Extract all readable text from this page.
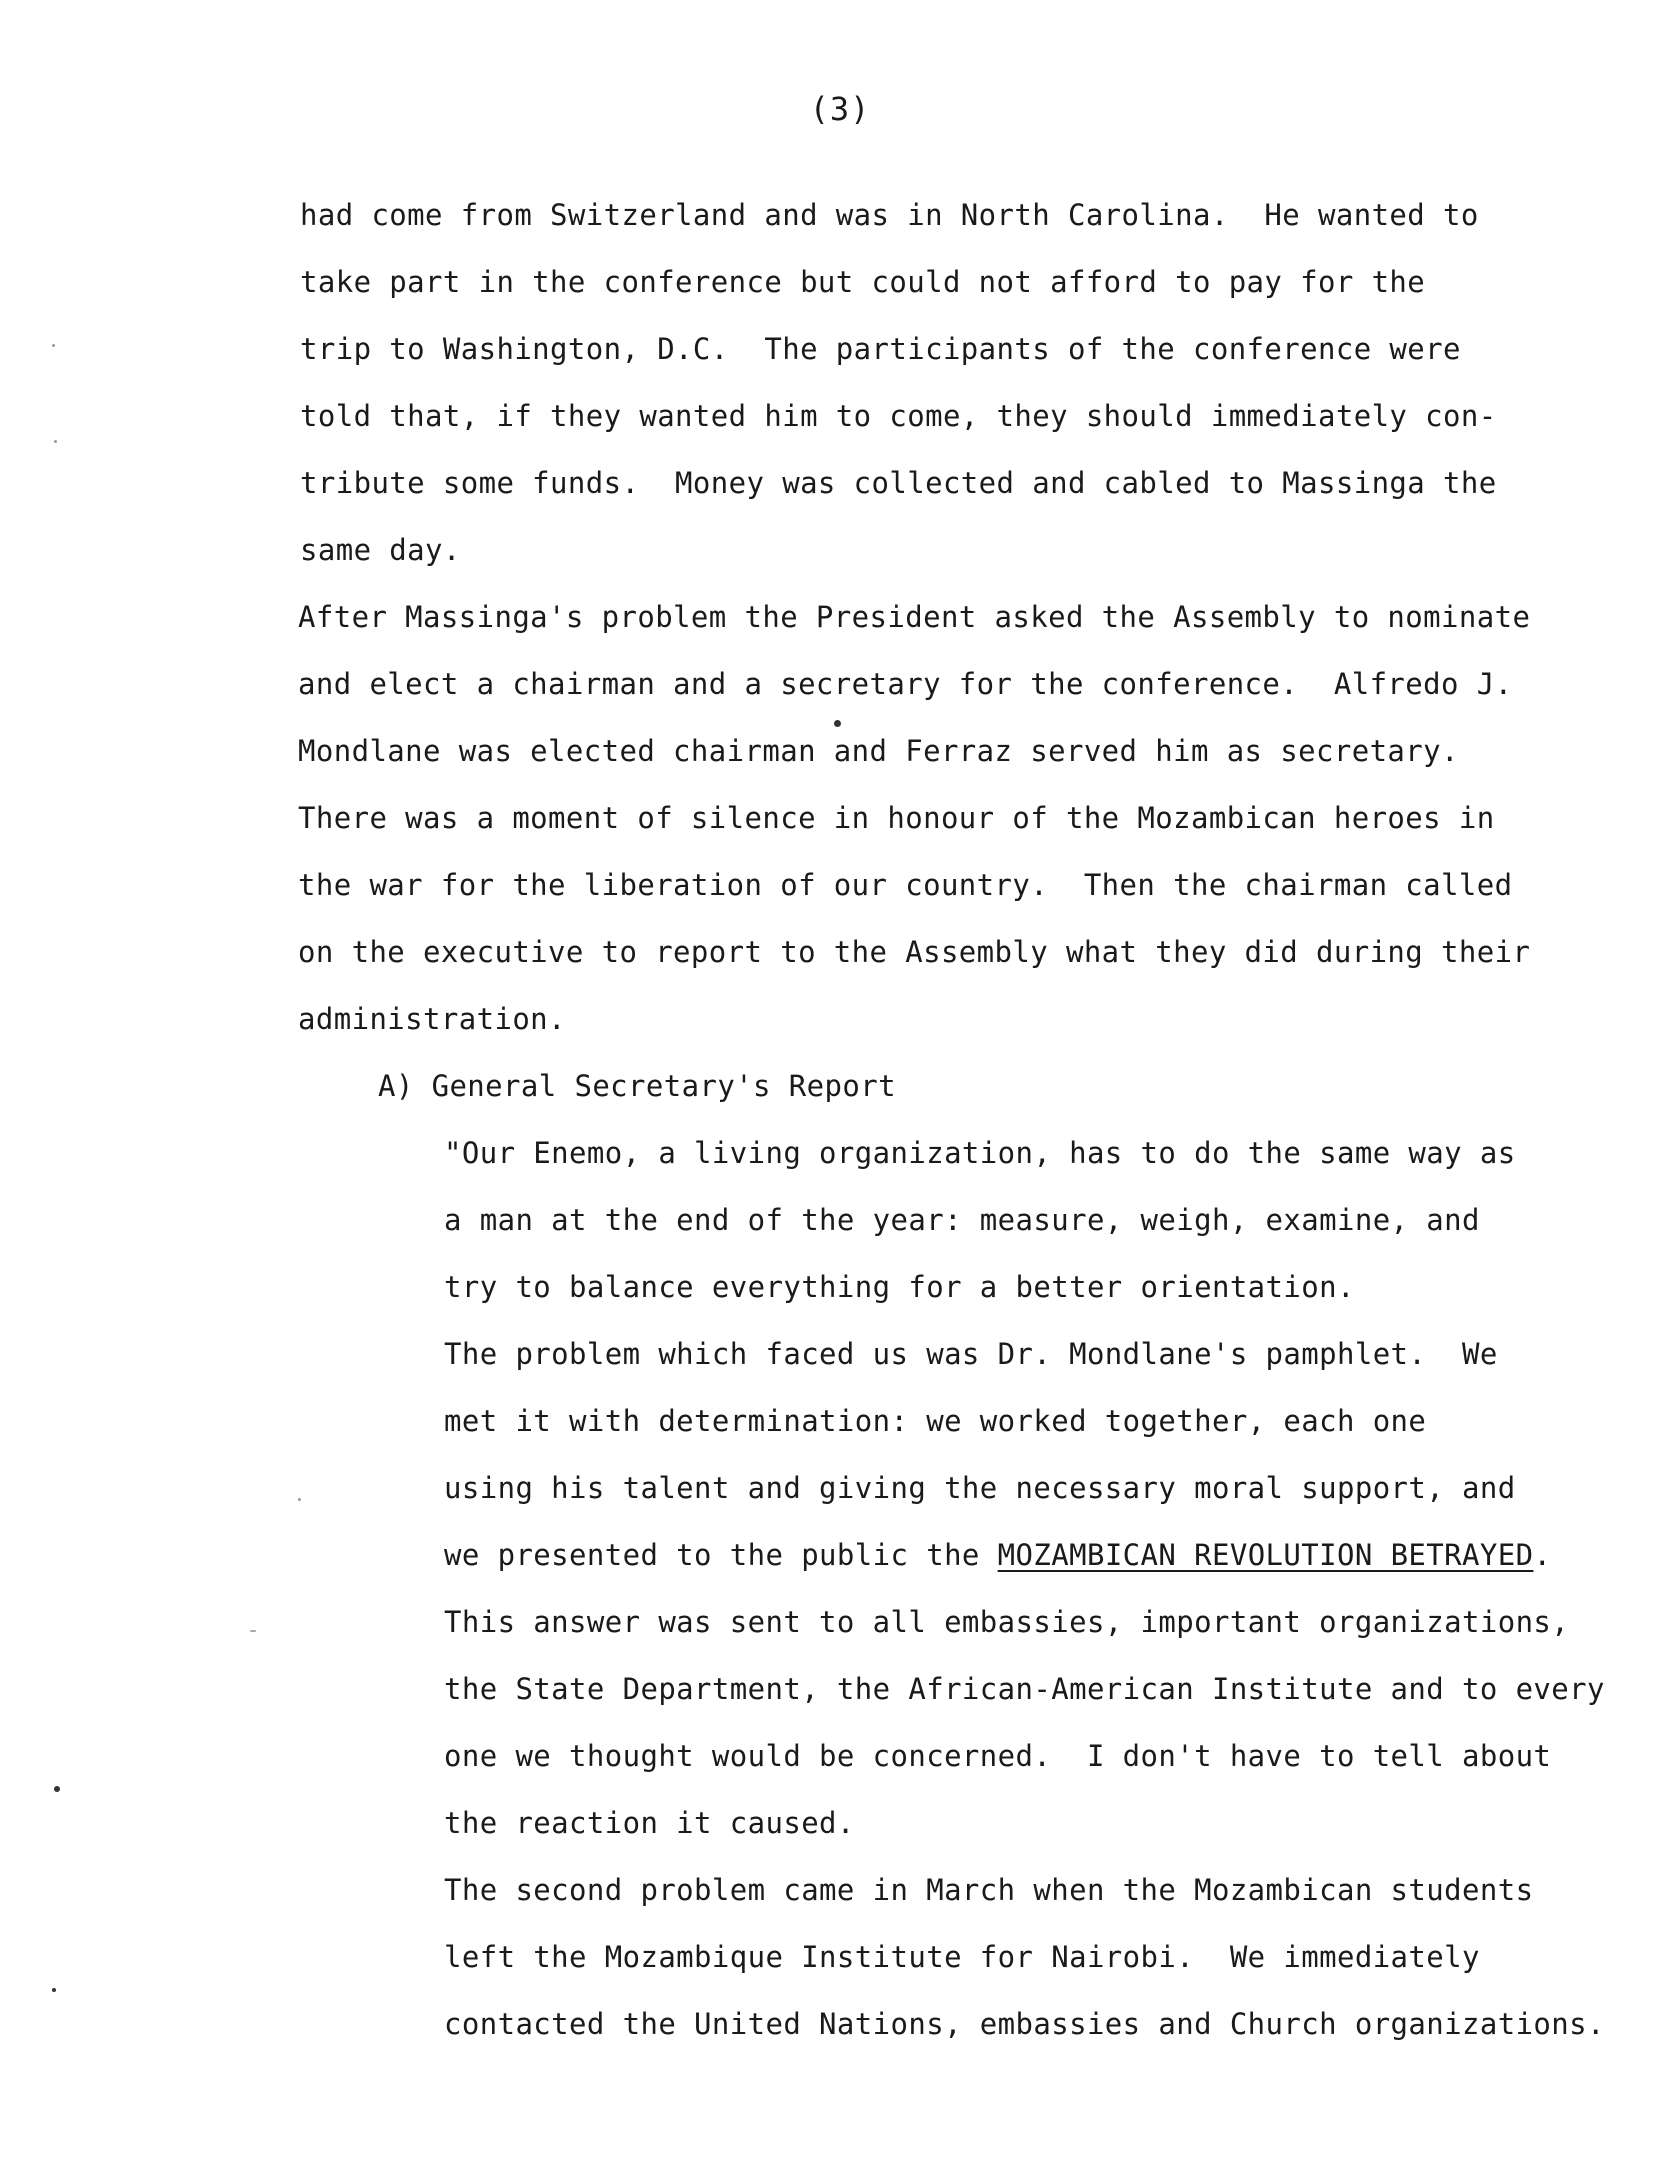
(3)
had come from Switzerland and was in North Carolina.  He wanted to
take part in the conference but could not afford to pay for the
trip to Washington, D.C.  The participants of the conference were
told that, if they wanted him to come, they should immediately con-
tribute some funds.  Money was collected and cabled to Massinga the
same day.
After Massinga's problem the President asked the Assembly to nominate
and elect a chairman and a secretary for the conference.  Alfredo J.
Mondlane was elected chairman and Ferraz served him as secretary.
There was a moment of silence in honour of the Mozambican heroes in
the war for the liberation of our country.  Then the chairman called
on the executive to report to the Assembly what they did during their
administration.
A) General Secretary's Report
"Our Enemo, a living organization, has to do the same way as
a man at the end of the year: measure, weigh, examine, and
try to balance everything for a better orientation.
The problem which faced us was Dr. Mondlane's pamphlet.  We
met it with determination: we worked together, each one
using his talent and giving the necessary moral support, and
we presented to the public the MOZAMBICAN REVOLUTION BETRAYED.
This answer was sent to all embassies, important organizations,
the State Department, the African-American Institute and to every
one we thought would be concerned.  I don't have to tell about
the reaction it caused.
The second problem came in March when the Mozambican students
left the Mozambique Institute for Nairobi.  We immediately
contacted the United Nations, embassies and Church organizations.
